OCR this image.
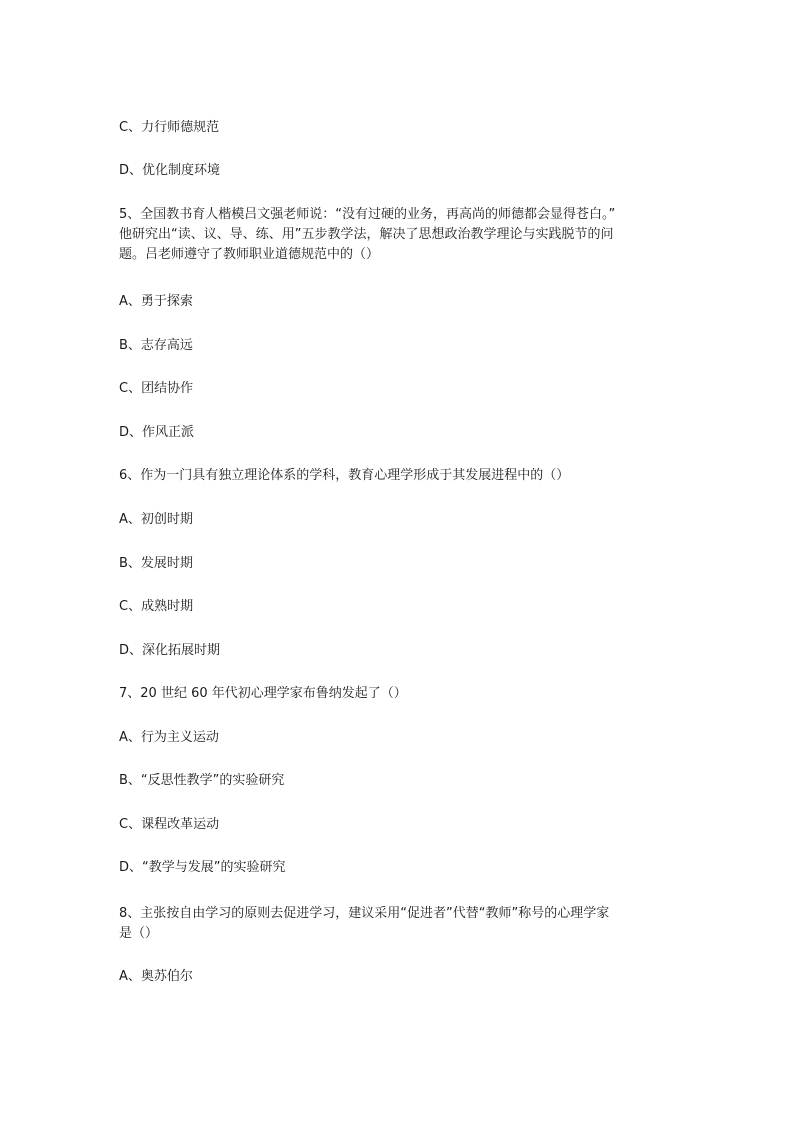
C、力行师德规范
D、优化制度环境
5、全国教书育人楷模吕文强老师说：“没有过硬的业务，再高尚的师德都会显得苍白。”
他研究出“读、议、导、练、用”五步教学法，解决了思想政治教学理论与实践脱节的问
题。吕老师遵守了教师职业道德规范中的（）
A、勇于探索
B、志存高远
C、团结协作
D、作风正派
6、作为一门具有独立理论体系的学科，教育心理学形成于其发展进程中的（）
A、初创时期
B、发展时期
C、成熟时期
D、深化拓展时期
7、20 世纪 60 年代初心理学家布鲁纳发起了（）
A、行为主义运动
B、“反思性教学”的实验研究
C、课程改革运动
D、“教学与发展”的实验研究
8、主张按自由学习的原则去促进学习，建议采用“促进者”代替“教师”称号的心理学家
是（）
A、奥苏伯尔
